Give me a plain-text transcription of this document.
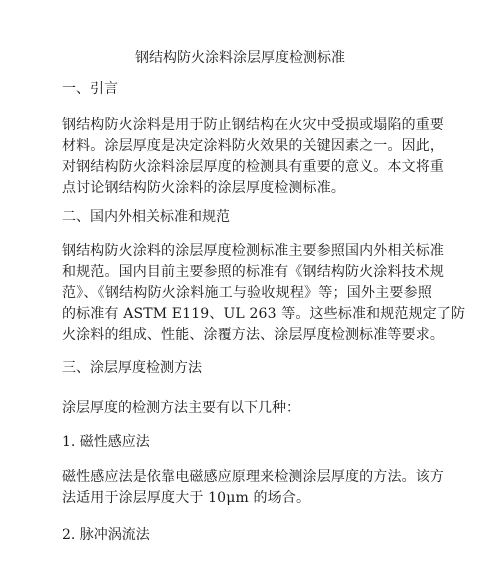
钢结构防火涂料涂层厚度检测标准
一、引言
钢结构防火涂料是用于防止钢结构在火灾中受损或塌陷的重要
材料。涂层厚度是决定涂料防火效果的关键因素之一。因此，
对钢结构防火涂料涂层厚度的检测具有重要的意义。本文将重
点讨论钢结构防火涂料的涂层厚度检测标准。
二、国内外相关标准和规范
钢结构防火涂料的涂层厚度检测标准主要参照国内外相关标准
和规范。国内目前主要参照的标准有《钢结构防火涂料技术规
范》、《钢结构防火涂料施工与验收规程》等；国外主要参照
的标准有 ASTM E119、UL 263 等。这些标准和规范规定了防
火涂料的组成、性能、涂覆方法、涂层厚度检测标准等要求。
三、涂层厚度检测方法
涂层厚度的检测方法主要有以下几种：
1. 磁性感应法
磁性感应法是依靠电磁感应原理来检测涂层厚度的方法。该方
法适用于涂层厚度大于 10μm 的场合。
2. 脉冲涡流法
